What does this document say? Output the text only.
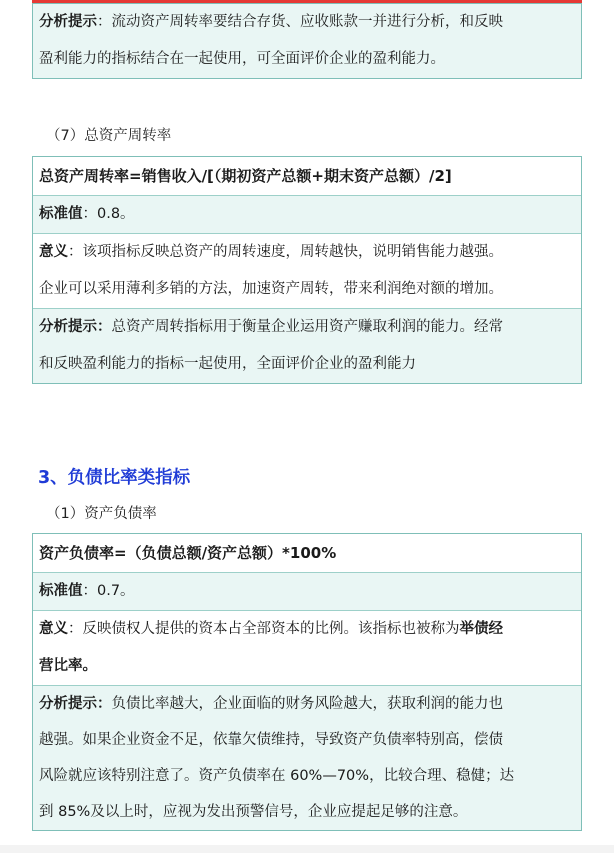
分析提示：流动资产周转率要结合存货、应收账款一并进行分析，和反映
盈利能力的指标结合在一起使用，可全面评价企业的盈利能力。
（7）总资产周转率
总资产周转率=销售收入/[（期初资产总额+期末资产总额）/2]
标准值：0.8。
意义：该项指标反映总资产的周转速度，周转越快，说明销售能力越强。
企业可以采用薄利多销的方法，加速资产周转，带来利润绝对额的增加。
分析提示：总资产周转指标用于衡量企业运用资产赚取利润的能力。经常
和反映盈利能力的指标一起使用，全面评价企业的盈利能力
3、负债比率类指标
（1）资产负债率
资产负债率=（负债总额/资产总额）*100%
标准值：0.7。
意义：反映债权人提供的资本占全部资本的比例。该指标也被称为举债经
营比率。
分析提示：负债比率越大，企业面临的财务风险越大，获取利润的能力也
越强。如果企业资金不足，依靠欠债维持，导致资产负债率特别高，偿债
风险就应该特别注意了。资产负债率在 60%—70%，比较合理、稳健；达
到 85%及以上时，应视为发出预警信号，企业应提起足够的注意。
